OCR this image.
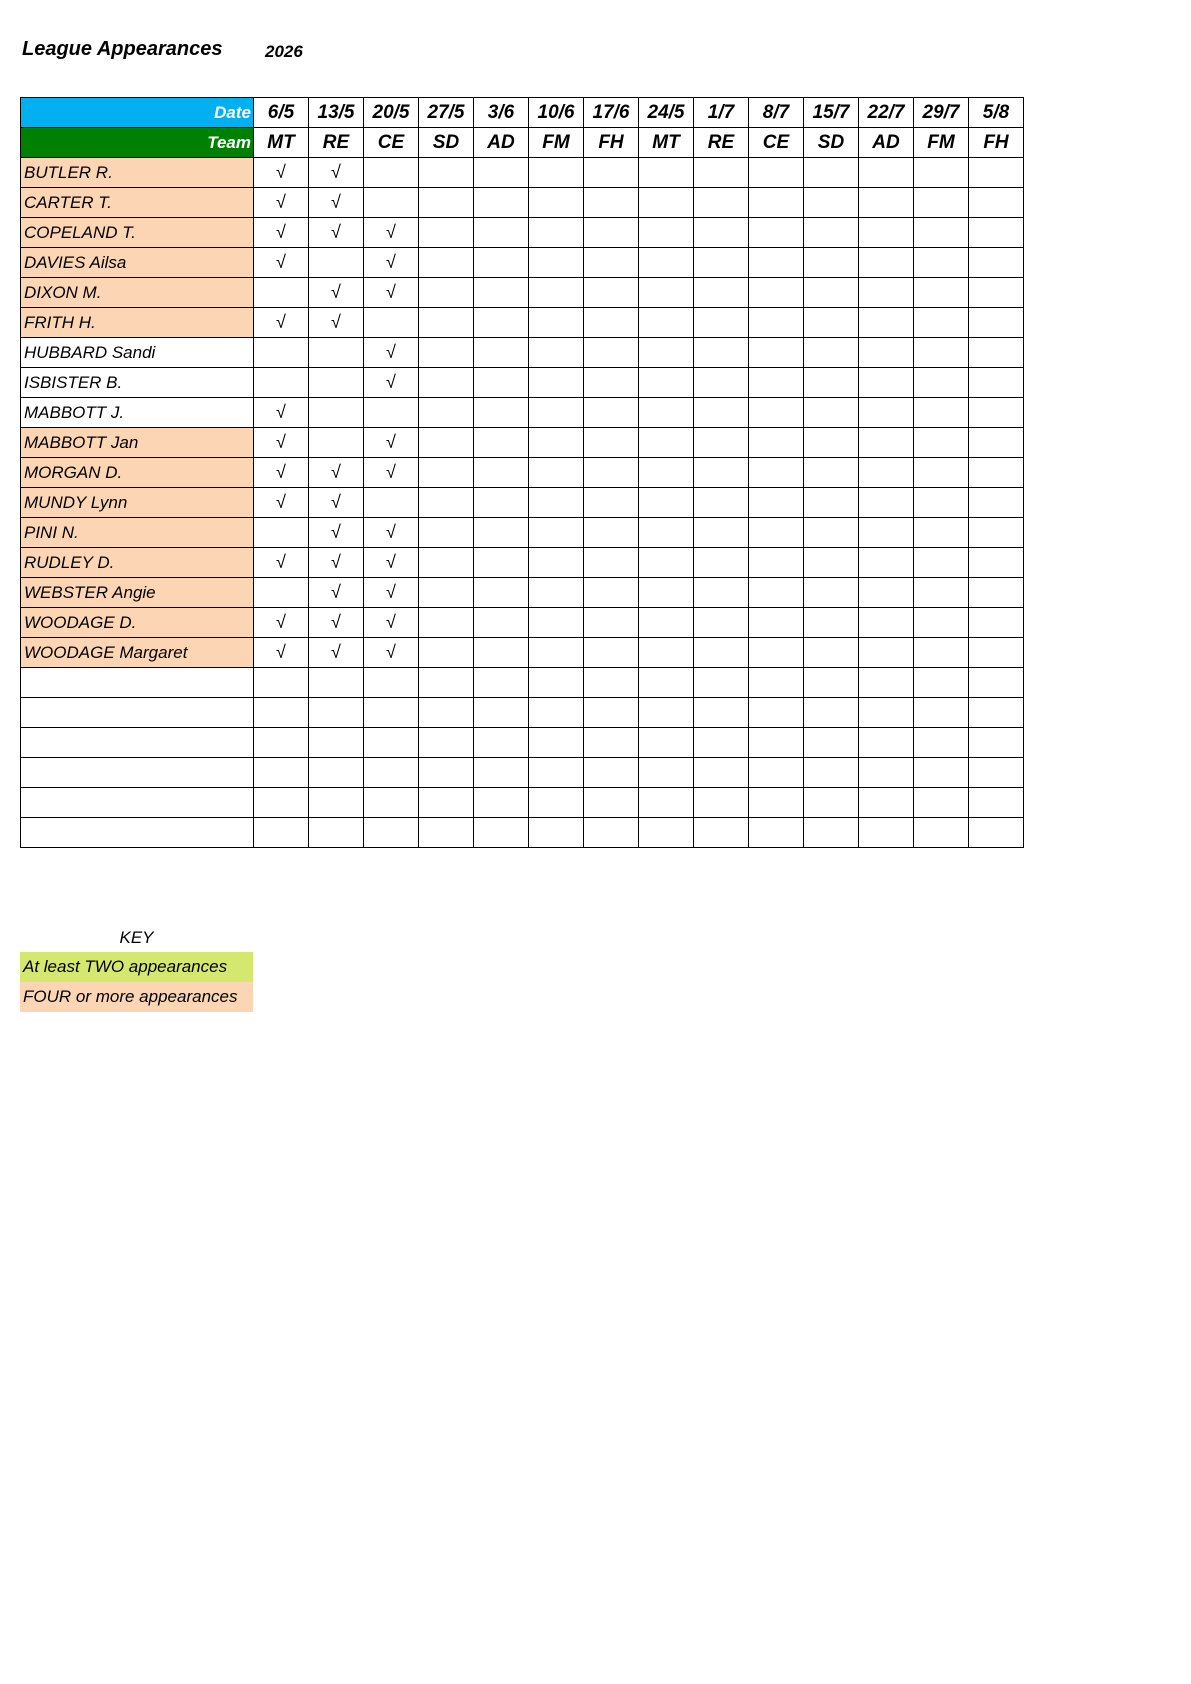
League Appearances	2026
Date	6/5	13/5	20/5	27/5	3/6	10/6	17/6	24/5	1/7	8/7	15/7	22/7	29/7	5/8
Team	MT	RE	CE	SD	AD	FM	FH	MT	RE	CE	SD	AD	FM	FH
BUTLER R.	√	√												
CARTER T.	√	√												
COPELAND T.	√	√	√											
DAVIES Ailsa	√		√											
DIXON M.		√	√											
FRITH H.	√	√												
HUBBARD Sandi			√											
ISBISTER B.			√											
MABBOTT J.	√													
MABBOTT Jan	√		√											
MORGAN D.	√	√	√											
MUNDY Lynn	√	√												
PINI N.		√	√											
RUDLEY D.	√	√	√											
WEBSTER Angie		√	√											
WOODAGE D.	√	√	√											
WOODAGE Margaret	√	√	√											

KEY
At least TWO appearances
FOUR or more appearances
